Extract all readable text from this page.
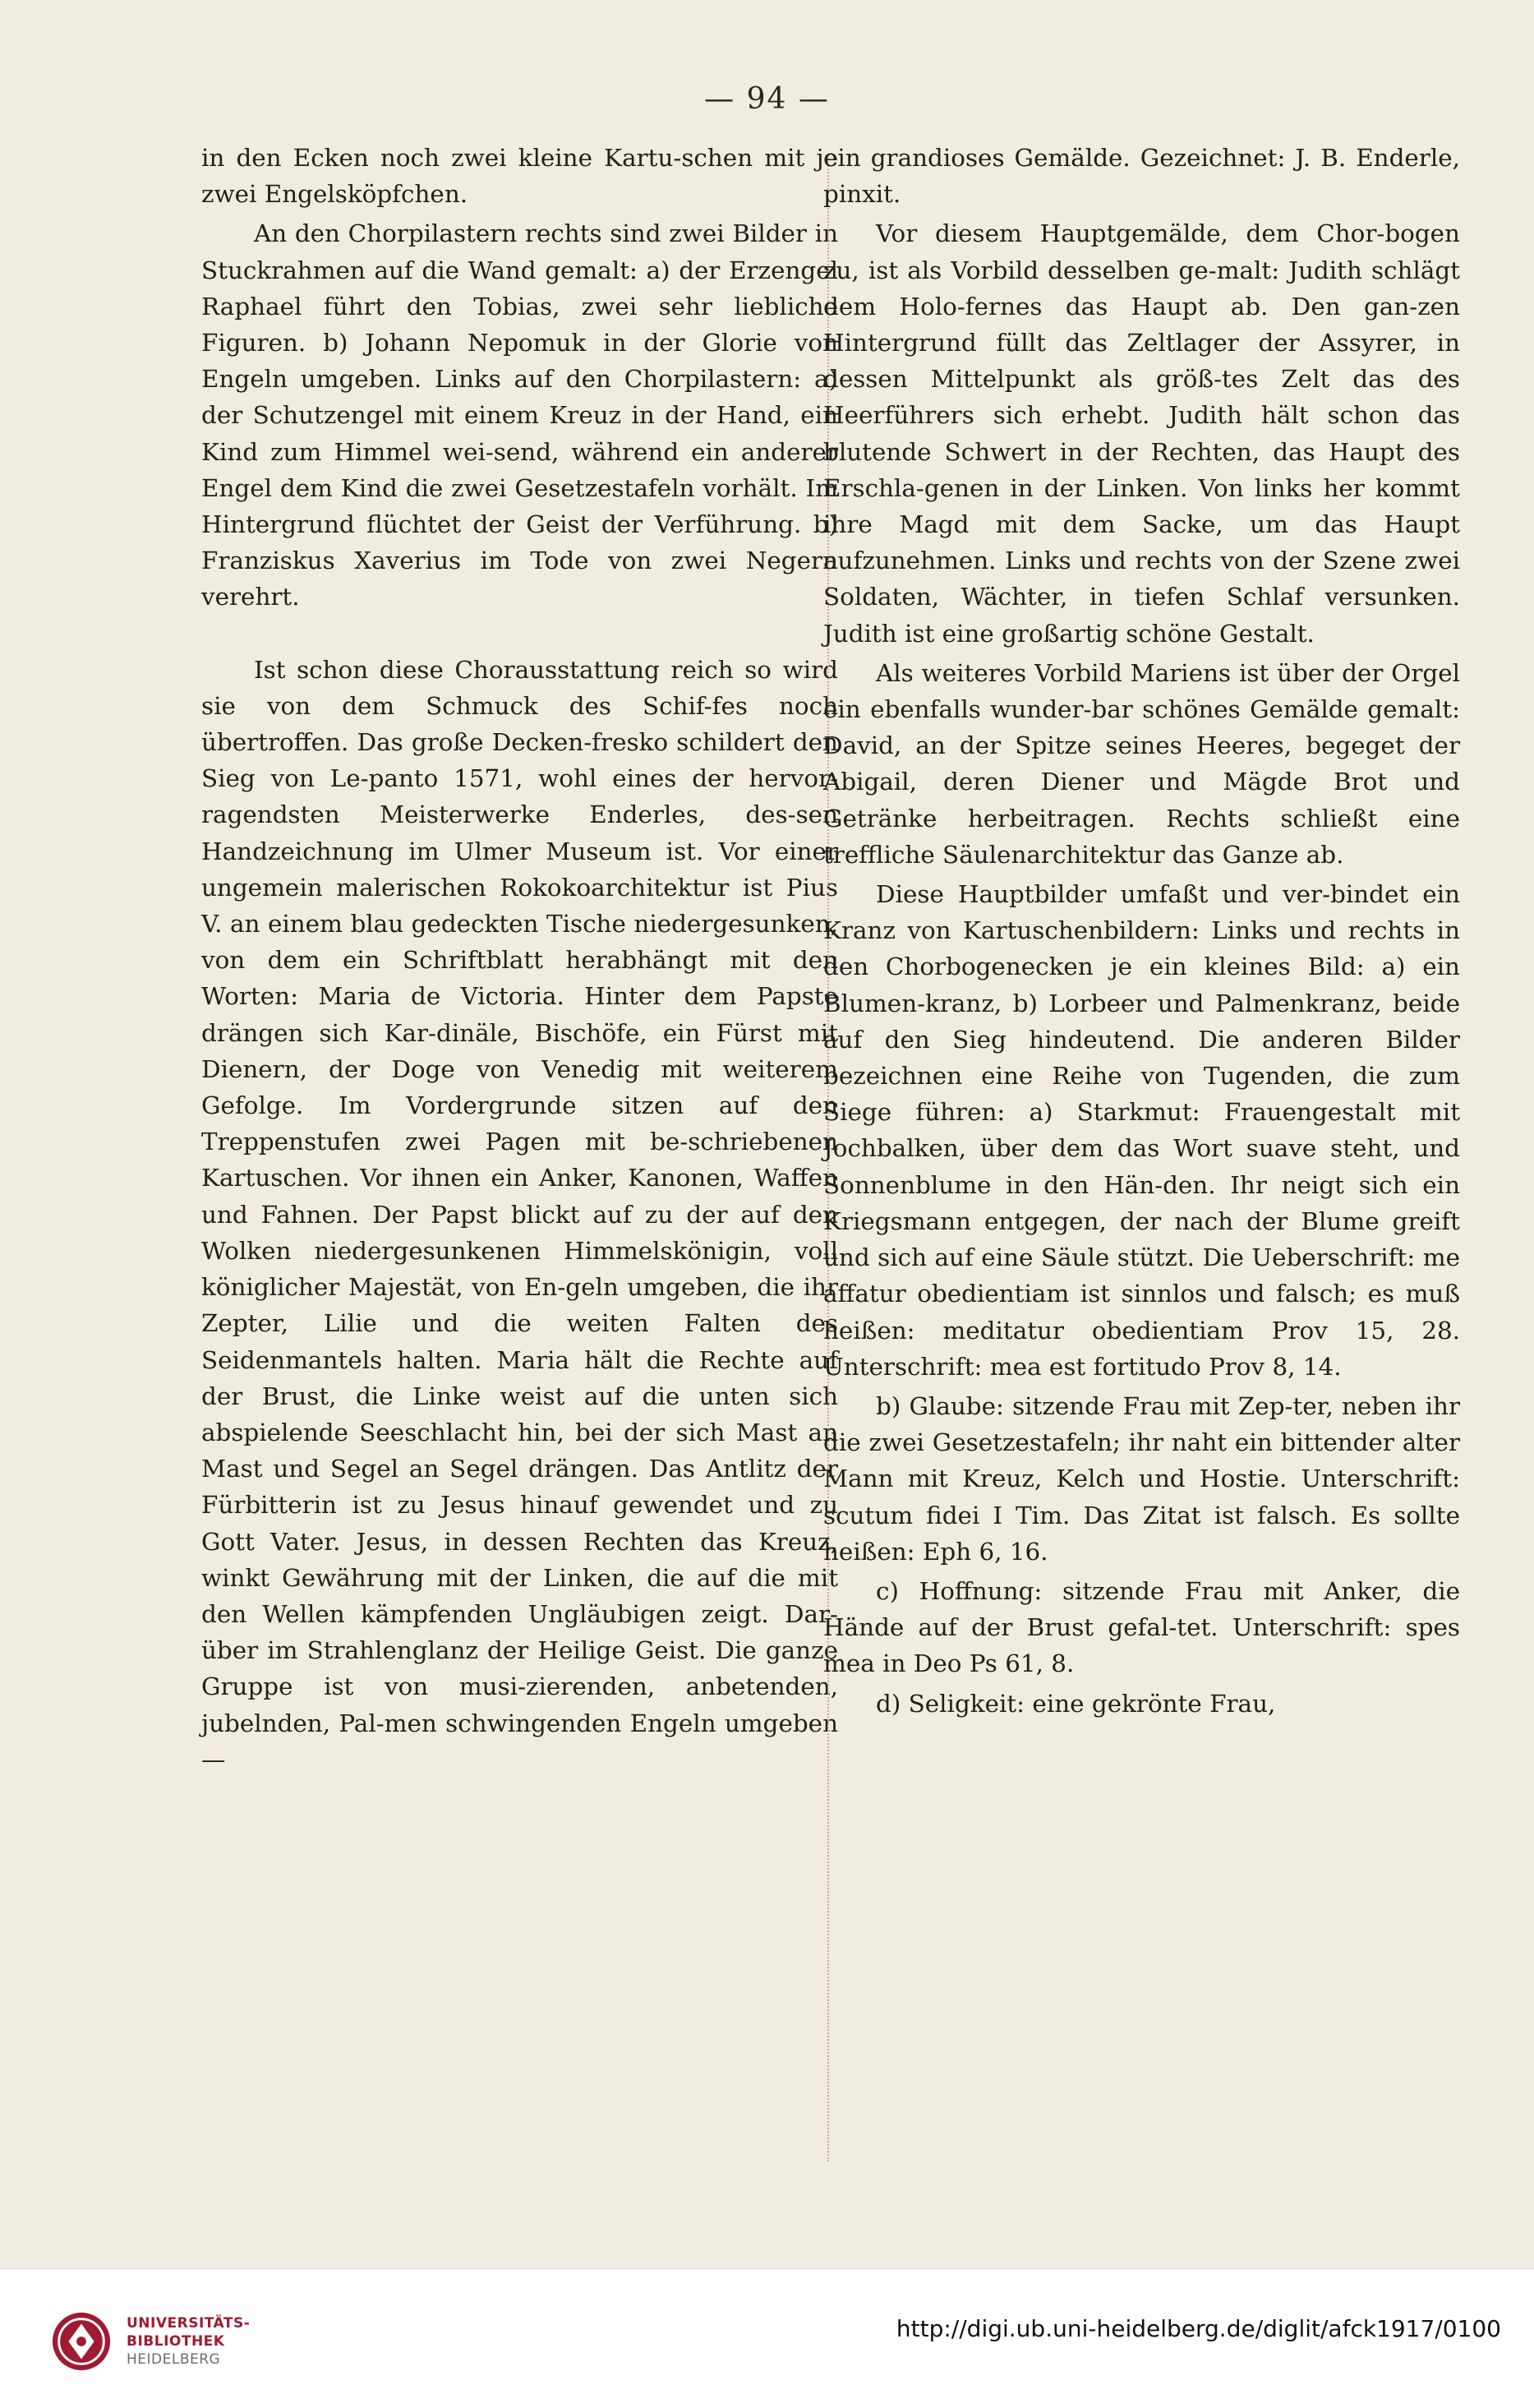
— 94 —

in den Ecken noch zwei kleine Kartu-schen mit je zwei Engelsköpfchen.

An den Chorpilastern rechts sind zwei Bilder in Stuckrahmen auf die Wand gemalt: a) der Erzengel Raphael führt den Tobias, zwei sehr liebliche Figuren. b) Johann Nepomuk in der Glorie von Engeln umgeben. Links auf den Chorpilastern: a) der Schutzengel mit einem Kreuz in der Hand, ein Kind zum Himmel wei-send, während ein anderer Engel dem Kind die zwei Gesetzestafeln vorhält. Im Hintergrund flüchtet der Geist der Verführung. b) Franziskus Xaverius im Tode von zwei Negern verehrt.

Ist schon diese Chorausstattung reich so wird sie von dem Schmuck des Schif-fes noch übertroffen. Das große Decken-fresko schildert den Sieg von Le-panto 1571, wohl eines der hervor-ragendsten Meisterwerke Enderles, des-sen Handzeichnung im Ulmer Museum ist. Vor einer ungemein malerischen Rokokoarchitektur ist Pius V. an einem blau gedeckten Tische niedergesunken, von dem ein Schriftblatt herabhängt mit den Worten: Maria de Victoria. Hinter dem Papste drängen sich Kar-dinäle, Bischöfe, ein Fürst mit Dienern, der Doge von Venedig mit weiterem Gefolge. Im Vordergrunde sitzen auf den Treppenstufen zwei Pagen mit be-schriebenen Kartuschen. Vor ihnen ein Anker, Kanonen, Waffen und Fahnen. Der Papst blickt auf zu der auf den Wolken niedergesunkenen Himmelskönigin, voll königlicher Majestät, von En-geln umgeben, die ihr Zepter, Lilie und die weiten Falten des Seidenmantels halten. Maria hält die Rechte auf der Brust, die Linke weist auf die unten sich abspielende Seeschlacht hin, bei der sich Mast an Mast und Segel an Segel drängen. Das Antlitz der Fürbitterin ist zu Jesus hinauf gewendet und zu Gott Vater. Jesus, in dessen Rechten das Kreuz, winkt Gewährung mit der Linken, die auf die mit den Wellen kämpfenden Ungläubigen zeigt. Dar-über im Strahlenglanz der Heilige Geist. Die ganze Gruppe ist von musi-zierenden, anbetenden, jubelnden, Pal-men schwingenden Engeln umgeben —

ein grandioses Gemälde. Gezeichnet: J. B. Enderle, pinxit.

Vor diesem Hauptgemälde, dem Chor-bogen zu, ist als Vorbild desselben ge-malt: Judith schlägt dem Holo-fernes das Haupt ab. Den gan-zen Hintergrund füllt das Zeltlager der Assyrer, in dessen Mittelpunkt als größ-tes Zelt das des Heerführers sich erhebt. Judith hält schon das blutende Schwert in der Rechten, das Haupt des Erschla-genen in der Linken. Von links her kommt ihre Magd mit dem Sacke, um das Haupt aufzunehmen. Links und rechts von der Szene zwei Soldaten, Wächter, in tiefen Schlaf versunken. Judith ist eine großartig schöne Gestalt.

Als weiteres Vorbild Mariens ist über der Orgel ein ebenfalls wunder-bar schönes Gemälde gemalt: David, an der Spitze seines Heeres, begeget der Abigail, deren Diener und Mägde Brot und Getränke herbeitragen. Rechts schließt eine treffliche Säulenarchitektur das Ganze ab.

Diese Hauptbilder umfaßt und ver-bindet ein Kranz von Kartuschenbildern: Links und rechts in den Chorbogenecken je ein kleines Bild: a) ein Blumen-kranz, b) Lorbeer und Palmenkranz, beide auf den Sieg hindeutend. Die anderen Bilder bezeichnen eine Reihe von Tugenden, die zum Siege führen: a) Starkmut: Frauengestalt mit Jochbalken, über dem das Wort suave steht, und Sonnenblume in den Hän-den. Ihr neigt sich ein Kriegsmann entgegen, der nach der Blume greift und sich auf eine Säule stützt. Die Ueberschrift: me affatur obedientiam ist sinnlos und falsch; es muß heißen: meditatur obedientiam Prov 15, 28. Unterschrift: mea est fortitudo Prov 8, 14.

b) Glaube: sitzende Frau mit Zep-ter, neben ihr die zwei Gesetzestafeln; ihr naht ein bittender alter Mann mit Kreuz, Kelch und Hostie. Unterschrift: scutum fidei I Tim. Das Zitat ist falsch. Es sollte heißen: Eph 6, 16.

c) Hoffnung: sitzende Frau mit Anker, die Hände auf der Brust gefal-tet. Unterschrift: spes mea in Deo Ps 61, 8.

d) Seligkeit: eine gekrönte Frau,

UNIVERSITÄTS-
BIBLIOTHEK
HEIDELBERG
http://digi.ub.uni-heidelberg.de/diglit/afck1917/0100
